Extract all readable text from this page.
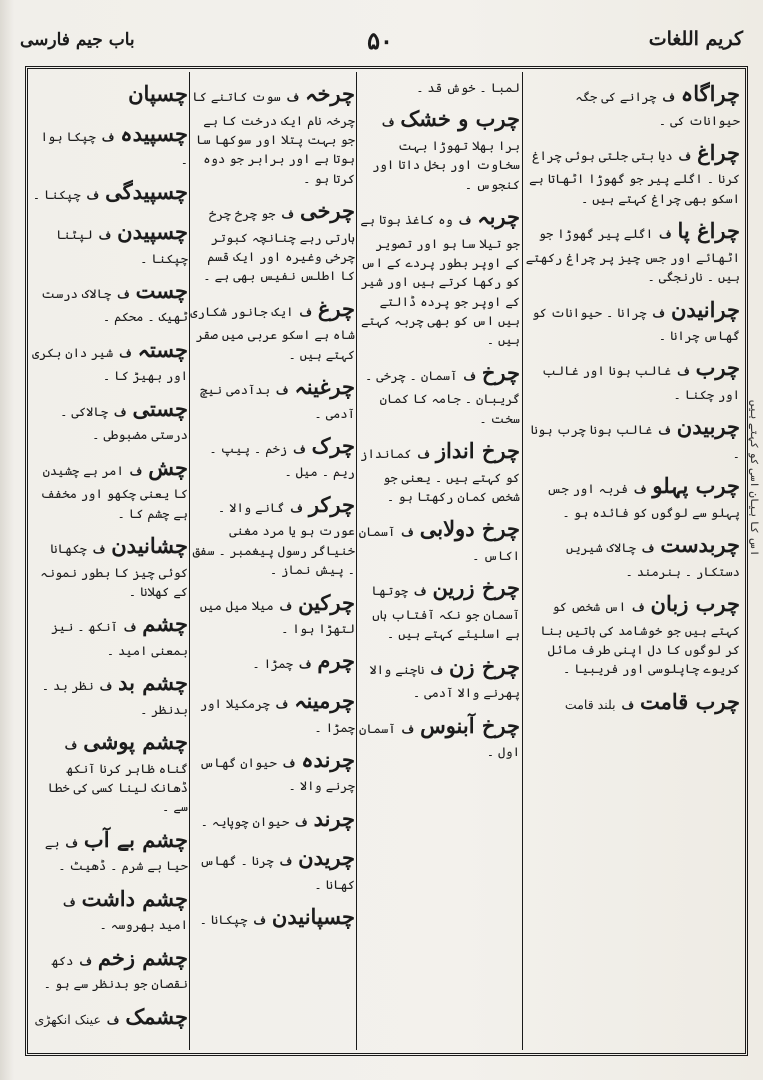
کریم اللغات
۵۰
باب جیم فارسی
چراگاہ ف چرانے کی جگہ حیوانات کی ۔
چراغ ف دیا بتی جلتی ہوئی چراغ کرنا ۔ اگلے پیر جو گھوڑا اٹھاتا ہے اسکو بھی چراغ کہتے ہیں ۔
چراغ پا ف اگلے پیر گھوڑا جو اٹھائے اور جس چیز پر چراغ رکھتے ہیں ۔ نارنجگی ۔
چرانیدن ف چرانا ۔ حیوانات کو گھاس چرانا ۔
چرب ف غالب ہونا اور غالب اور چکنا ۔
چربیدن ف غالب ہونا چرب ہونا ۔
چرب پہلو ف فربہ اور جس پہلو سے لوگوں کو فائدہ ہو ۔
چربدست ف چالاک شیریں دستکار ۔ ہنرمند ۔
چرب زبان ف اس شخص کو کہتے ہیں جو خوشامد کی باتیں بنا کر لوگوں کا دل اپنی طرف مائل کریوے چاپلوسی اور فریبیا ۔
چرب قامت ف بلند قامت
لمبا ۔ خوش قد ۔
چرب و خشک ف برا بھلا تھوڑا بہت سخاوت اور بخل داتا اور کنجوس ۔
چربہ ف وہ کاغذ ہوتا ہے جو تیلا سا ہو اور تصویر کے اوپر بطور پردے کے اس کو رکھا کرتے ہیں اور شیر کے اوپر جو پردہ ڈالتے ہیں اس کو بھی چربہ کہتے ہیں ۔
چرخ ف آسمان ۔ چرخی ۔ گریبان ۔ جامہ کا کمان سخت ۔
چرخ انداز ف کمانداز کو کہتے ہیں ۔ یعنی جو شخص کمان رکھتا ہو ۔
چرخ دولابی ف آسمان اکاس ۔
چرخ زرین ف چوتھا آسمان جو نکہ آفتاب ہاں ہے اسلیئے کہتے ہیں ۔
چرخ زن ف ناچنے والا پھرنے والا آدمی ۔
چرخ آبنوس ف آسمان اول ۔
چرخہ ف سوت کاتنے کا چرخہ نام ایک درخت کا ہے جو بہت پتلا اور سوکھا سا ہوتا ہے اور برابر جو دوہ کرتا ہو ۔
چرخی ف جو چرخ چرخ ہارتی رہے چنانچہ کبوتر چرخی وغیرہ اور ایک قسم کا اطلس نفیس بھی ہے ۔
چرغ ف ایک جانور شکاری شاہ ہے اسکو عربی میں صقر کہتے ہیں ۔
چرغینہ ف بدآدمی نیچ آدمی ۔
چرک ف زخم ۔ پیپ ۔ ریم ۔ میل ۔
چرکر ف گانے والا ۔ عورت ہو یا مرد مغنی خنیاگر رسول پیغمبر ۔ سفق ۔ پیش نماز ۔
چرکین ف میلا میل میں لتھڑا ہوا ۔
چرم ف چمڑا ۔
چرمینہ ف چرمکیلا اور چمڑا ۔
چرندہ ف حیوان گھاس چرنے والا ۔
چرند ف حیوان چوپایہ ۔
چریدن ف چرنا ۔ گھاس کھانا ۔
چسپانیدن ف چپکانا ۔
چسپان
چسپیدہ ف چپکا ہوا ۔
چسپیدگی ف چپکنا ۔
چسپیدن ف لپٹنا چپکنا ۔
چست ف چالاک درست ٹھیک ۔ محکم ۔
چستہ ف شیر دان بکری اور بھیڑ کا ۔
چستی ف چالاکی ۔ درستی مضبوطی ۔
چش ف امر ہے چشیدن کا یعنی چکھو اور مخفف ہے چشم کا ۔
چشانیدن ف چکھانا کوئی چیز کا بطور نمونہ کے کھلانا ۔
چشم ف آنکھ ۔ نیز بمعنی امید ۔
چشم بد ف نظر بد ۔ بدنظر ۔
چشم پوشی ف گناہ ظاہر کرنا آنکھ ڈھانک لینا کسی کی خطا سے ۔
چشم بے آب ف بے حیا بے شرم ۔ ڈھیٹ ۔
چشم داشت ف امید بھروسہ ۔
چشم زخم ف دکھ نقصان جو بدنظر سے ہو ۔
چشمک ف عینک انکھڑی
اس کا بیان اسی کو کہتے ہیں
